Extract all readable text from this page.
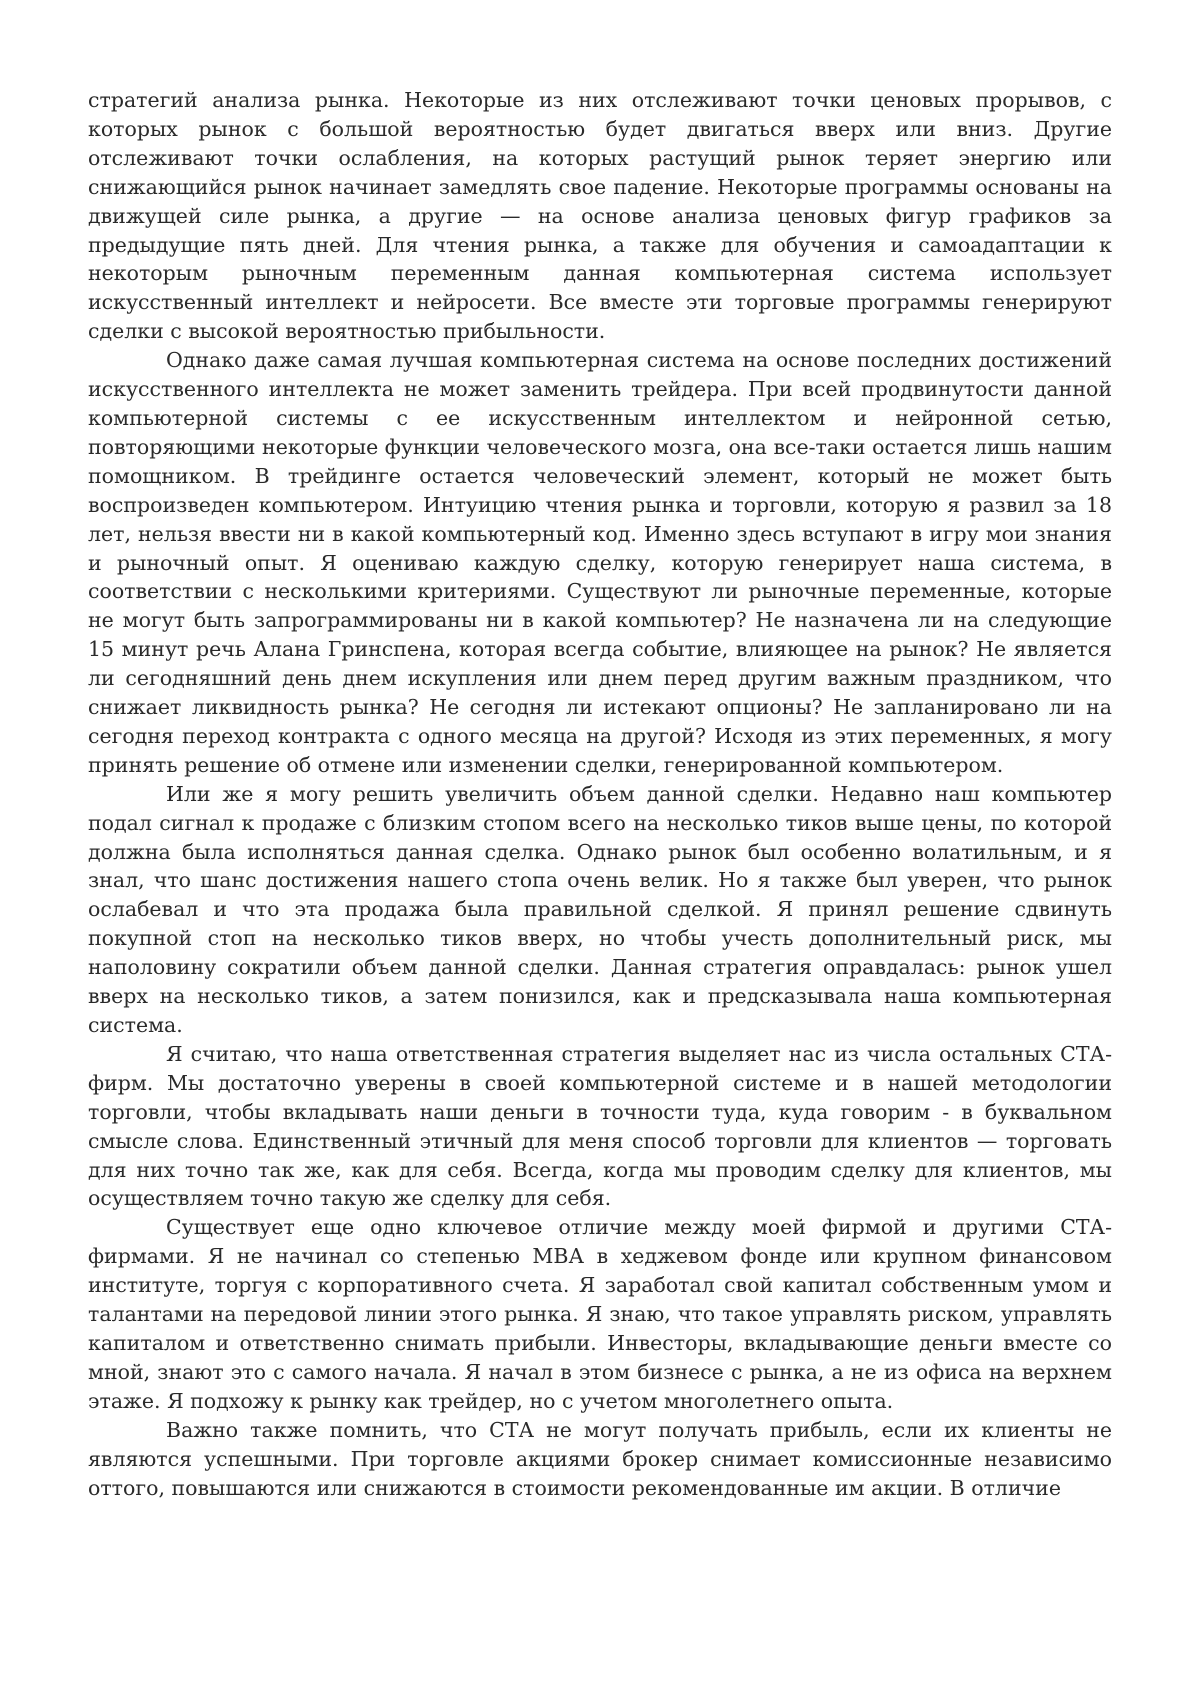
стратегий анализа рынка. Некоторые из них отслеживают точки ценовых прорывов, с которых рынок с большой вероятностью будет двигаться вверх или вниз. Другие отслеживают точки ослабления, на которых растущий рынок теряет энергию или снижающийся рынок начинает замедлять свое падение. Некоторые программы основаны на движущей силе рынка, а другие — на основе анализа ценовых фигур графиков за предыдущие пять дней. Для чтения рынка, а также для обучения и самоадаптации к некоторым рыночным переменным данная компьютерная система использует искусственный интеллект и нейросети. Все вместе эти торговые программы генерируют сделки с высокой вероятностью прибыльности.

Однако даже самая лучшая компьютерная система на основе последних достижений искусственного интеллекта не может заменить трейдера. При всей продвинутости данной компьютерной системы с ее искусственным интеллектом и нейронной сетью, повторяющими некоторые функции человеческого мозга, она все-таки остается лишь нашим помощником. В трейдинге остается человеческий элемент, который не может быть воспроизведен компьютером. Интуицию чтения рынка и торговли, которую я развил за 18 лет, нельзя ввести ни в какой компьютерный код. Именно здесь вступают в игру мои знания и рыночный опыт. Я оцениваю каждую сделку, которую генерирует наша система, в соответствии с несколькими критериями. Существуют ли рыночные переменные, которые не могут быть запрограммированы ни в какой компьютер? Не назначена ли на следующие 15 минут речь Алана Гринспена, которая всегда событие, влияющее на рынок? Не является ли сегодняшний день днем искупления или днем перед другим важным праздником, что снижает ликвидность рынка? Не сегодня ли истекают опционы? Не запланировано ли на сегодня переход контракта с одного месяца на другой? Исходя из этих переменных, я могу принять решение об отмене или изменении сделки, генерированной компьютером.

Или же я могу решить увеличить объем данной сделки. Недавно наш компьютер подал сигнал к продаже с близким стопом всего на несколько тиков выше цены, по которой должна была исполняться данная сделка. Однако рынок был особенно волатильным, и я знал, что шанс достижения нашего стопа очень велик. Но я также был уверен, что рынок ослабевал и что эта продажа была правильной сделкой. Я принял решение сдвинуть покупной стоп на несколько тиков вверх, но чтобы учесть дополнительный риск, мы наполовину сократили объем данной сделки. Данная стратегия оправдалась: рынок ушел вверх на несколько тиков, а затем понизился, как и предсказывала наша компьютерная система.

Я считаю, что наша ответственная стратегия выделяет нас из числа остальных СТА-фирм. Мы достаточно уверены в своей компьютерной системе и в нашей методологии торговли, чтобы вкладывать наши деньги в точности туда, куда говорим - в буквальном смысле слова. Единственный этичный для меня способ торговли для клиентов — торговать для них точно так же, как для себя. Всегда, когда мы проводим сделку для клиентов, мы осуществляем точно такую же сделку для себя.

Существует еще одно ключевое отличие между моей фирмой и другими СТА-фирмами. Я не начинал со степенью МВА в хеджевом фонде или крупном финансовом институте, торгуя с корпоративного счета. Я заработал свой капитал собственным умом и талантами на передовой линии этого рынка. Я знаю, что такое управлять риском, управлять капиталом и ответственно снимать прибыли. Инвесторы, вкладывающие деньги вместе со мной, знают это с самого начала. Я начал в этом бизнесе с рынка, а не из офиса на верхнем этаже. Я подхожу к рынку как трейдер, но с учетом многолетнего опыта.

Важно также помнить, что СТА не могут получать прибыль, если их клиенты не являются успешными. При торговле акциями брокер снимает комиссионные независимо оттого, повышаются или снижаются в стоимости рекомендованные им акции. В отличие
